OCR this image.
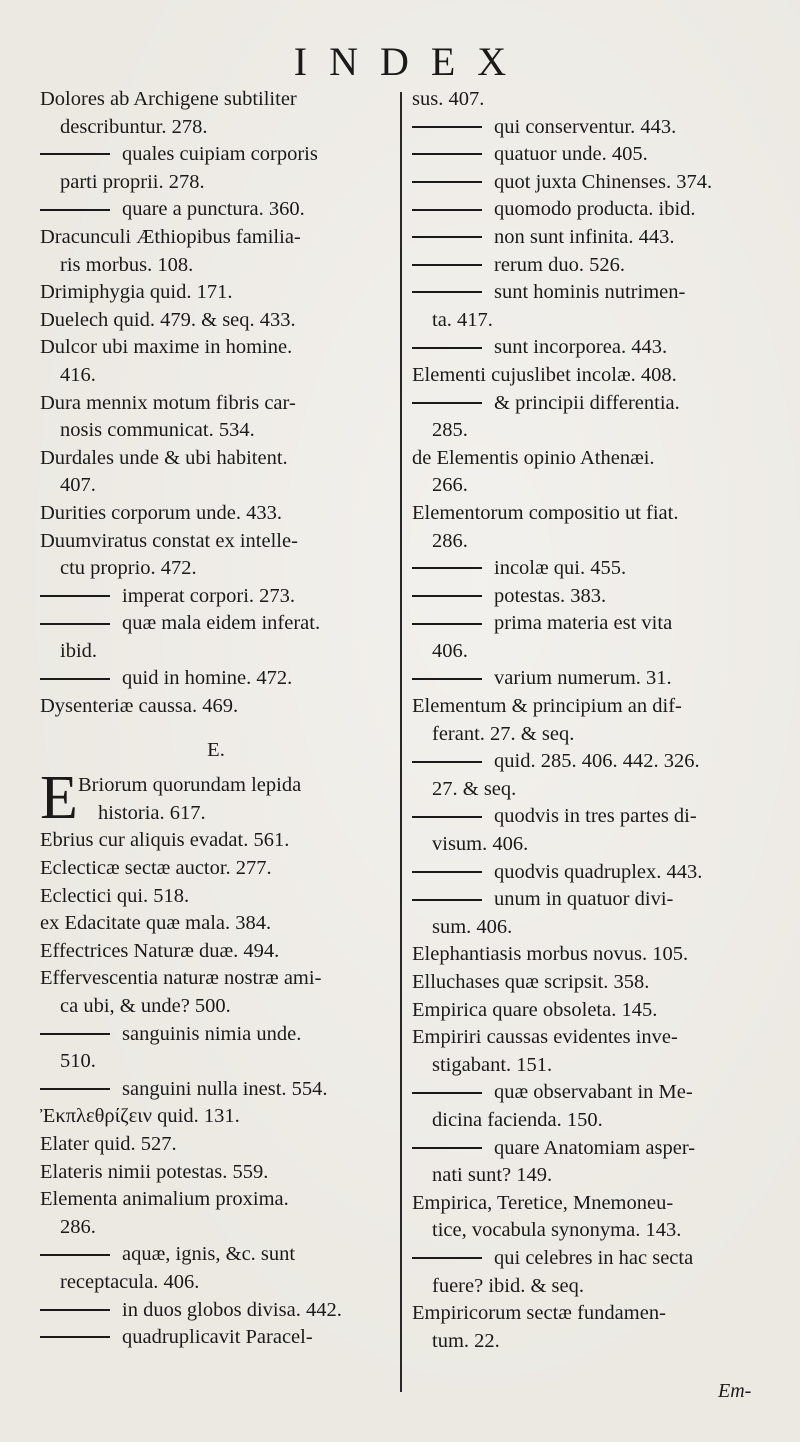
INDEX
Dolores ab Archigene subtiliter
describuntur. 278.
quales cuipiam corporis
parti proprii. 278.
quare a punctura. 360.
Dracunculi Æthiopibus familia-
ris morbus. 108.
Drimiphygia quid. 171.
Duelech quid. 479. & seq. 433.
Dulcor ubi maxime in homine.
416.
Dura mennix motum fibris car-
nosis communicat. 534.
Durdales unde & ubi habitent.
407.
Durities corporum unde. 433.
Duumviratus constat ex intelle-
ctu proprio. 472.
imperat corpori. 273.
quæ mala eidem inferat.
ibid.
quid in homine. 472.
Dysenteriæ caussa. 469.
E.
E Briorum quorundam lepida
historia. 617.
Ebrius cur aliquis evadat. 561.
Eclecticæ sectæ auctor. 277.
Eclectici qui. 518.
ex Edacitate quæ mala. 384.
Effectrices Naturæ duæ. 494.
Effervescentia naturæ nostræ ami-
ca ubi, & unde? 500.
sanguinis nimia unde.
510.
sanguini nulla inest. 554.
Ἐκπλεθρίζειν quid. 131.
Elater quid. 527.
Elateris nimii potestas. 559.
Elementa animalium proxima.
286.
aquæ, ignis, &c. sunt
receptacula. 406.
in duos globos divisa. 442.
quadruplicavit Paracel-
sus. 407.
qui conserventur. 443.
quatuor unde. 405.
quot juxta Chinenses. 374.
quomodo producta. ibid.
non sunt infinita. 443.
rerum duo. 526.
sunt hominis nutrimen-
ta. 417.
sunt incorporea. 443.
Elementi cujuslibet incolæ. 408.
& principii differentia.
285.
de Elementis opinio Athenæi.
266.
Elementorum compositio ut fiat.
286.
incolæ qui. 455.
potestas. 383.
prima materia est vita
406.
varium numerum. 31.
Elementum & principium an dif-
ferant. 27. & seq.
quid. 285. 406. 442. 326.
27. & seq.
quodvis in tres partes di-
visum. 406.
quodvis quadruplex. 443.
unum in quatuor divi-
sum. 406.
Elephantiasis morbus novus. 105.
Elluchases quæ scripsit. 358.
Empirica quare obsoleta. 145.
Empiriri caussas evidentes inve-
stigabant. 151.
quæ observabant in Me-
dicina facienda. 150.
quare Anatomiam asper-
nati sunt? 149.
Empirica, Teretice, Mnemoneu-
tice, vocabula synonyma. 143.
qui celebres in hac secta
fuere? ibid. & seq.
Empiricorum sectæ fundamen-
tum. 22.
Em-
